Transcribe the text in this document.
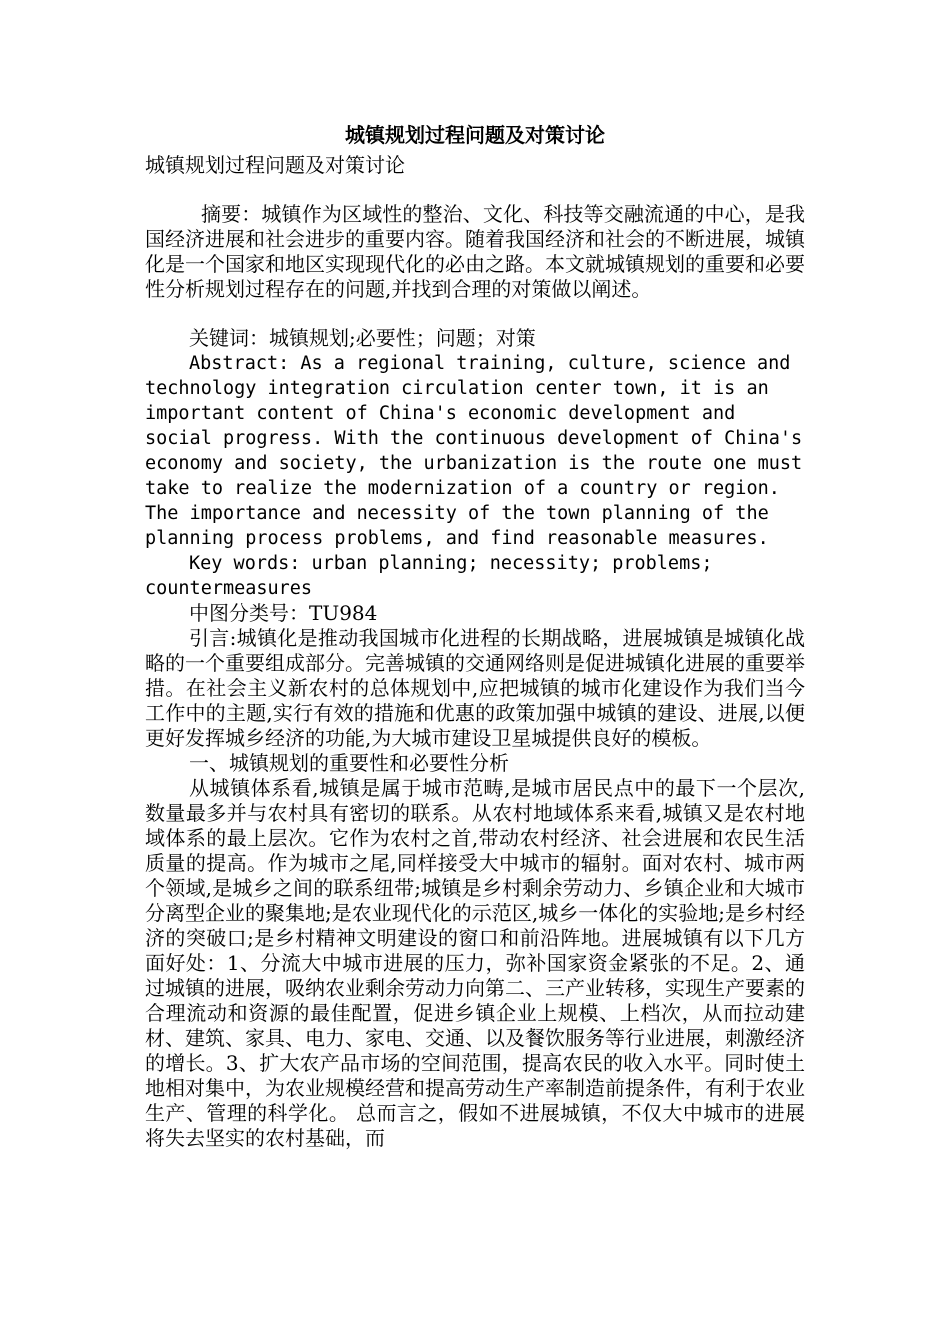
城镇规划过程问题及对策讨论

城镇规划过程问题及对策讨论

摘要：城镇作为区域性的整治、文化、科技等交融流通的中心，是我国经济进展和社会进步的重要内容。随着我国经济和社会的不断进展，城镇化是一个国家和地区实现现代化的必由之路。本文就城镇规划的重要和必要性分析规划过程存在的问题,并找到合理的对策做以阐述。

关键词：城镇规划;必要性；问题；对策

Abstract: As a regional training, culture, science and technology integration circulation center town, it is an important content of China's economic development and social progress. With the continuous development of China's economy and society, the urbanization is the route one must take to realize the modernization of a country or region. The importance and necessity of the town planning of the planning process problems, and find reasonable measures.

Key words: urban planning; necessity; problems; countermeasures

中图分类号：TU984

引言:城镇化是推动我国城市化进程的长期战略，进展城镇是城镇化战略的一个重要组成部分。完善城镇的交通网络则是促进城镇化进展的重要举措。在社会主义新农村的总体规划中,应把城镇的城市化建设作为我们当今工作中的主题,实行有效的措施和优惠的政策加强中城镇的建设、进展,以便更好发挥城乡经济的功能,为大城市建设卫星城提供良好的模板。

一、城镇规划的重要性和必要性分析

从城镇体系看,城镇是属于城市范畴,是城市居民点中的最下一个层次,数量最多并与农村具有密切的联系。从农村地域体系来看,城镇又是农村地域体系的最上层次。它作为农村之首,带动农村经济、社会进展和农民生活质量的提高。作为城市之尾,同样接受大中城市的辐射。面对农村、城市两个领域,是城乡之间的联系纽带;城镇是乡村剩余劳动力、乡镇企业和大城市分离型企业的聚集地;是农业现代化的示范区,城乡一体化的实验地;是乡村经济的突破口;是乡村精神文明建设的窗口和前沿阵地。进展城镇有以下几方面好处：1、分流大中城市进展的压力，弥补国家资金紧张的不足。2、通过城镇的进展，吸纳农业剩余劳动力向第二、三产业转移，实现生产要素的合理流动和资源的最佳配置，促进乡镇企业上规模、上档次，从而拉动建材、建筑、家具、电力、家电、交通、以及餐饮服务等行业进展，刺激经济的增长。3、扩大农产品市场的空间范围，提高农民的收入水平。同时使土地相对集中，为农业规模经营和提高劳动生产率制造前提条件，有利于农业生产、管理的科学化。 总而言之，假如不进展城镇，不仅大中城市的进展将失去坚实的农村基础，而
